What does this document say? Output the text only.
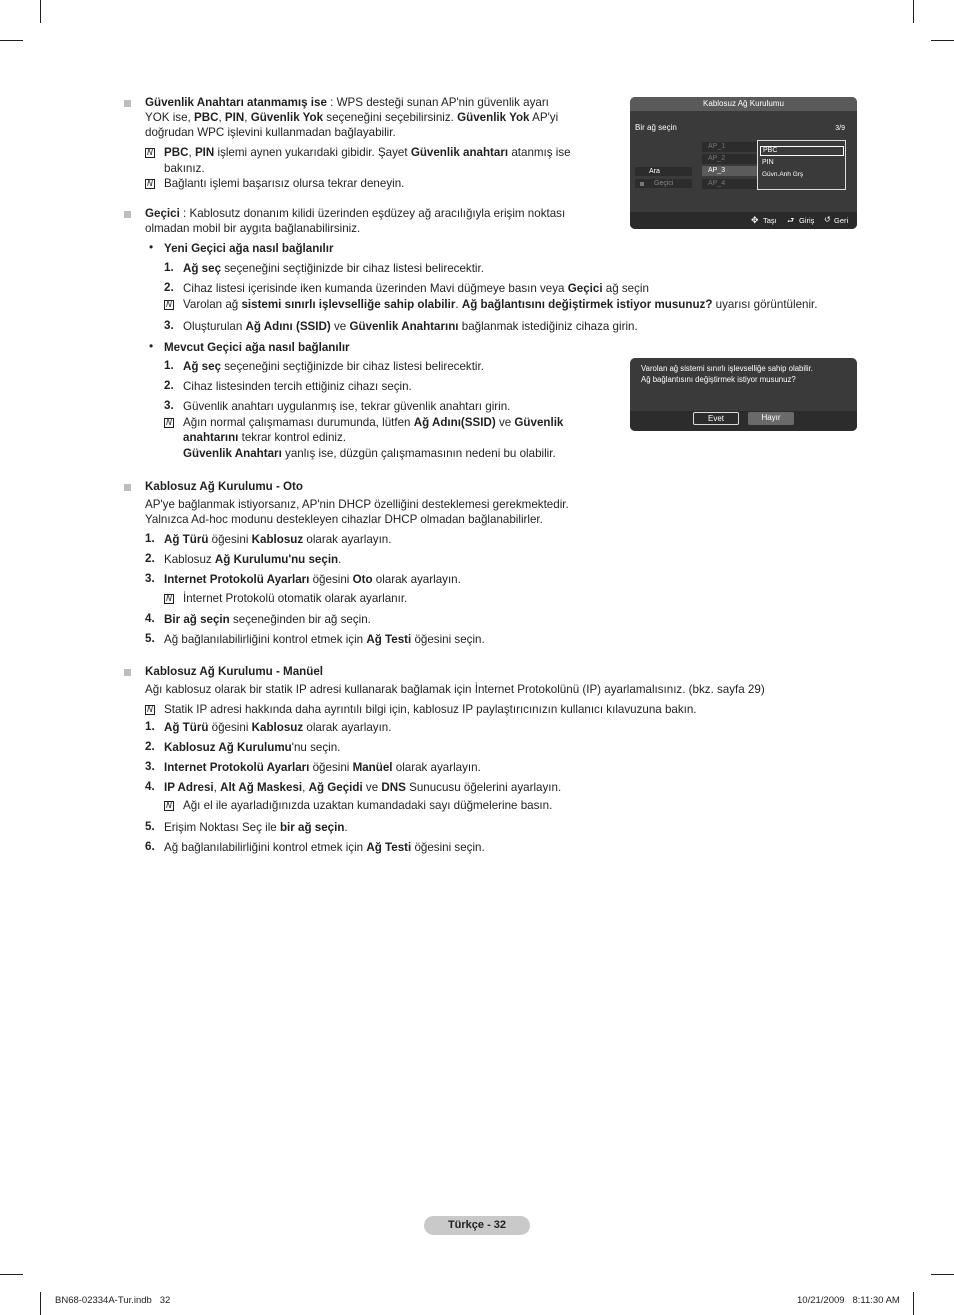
Güvenlik Anahtarı atanmamış ise : WPS desteği sunan AP'nin güvenlik ayarı
YOK ise, PBC, PIN, Güvenlik Yok seçeneğini seçebilirsiniz. Güvenlik Yok AP'yi
doğrudan WPC işlevini kullanmadan bağlayabilir.
N PBC, PIN işlemi aynen yukarıdaki gibidir. Şayet Güvenlik anahtarı atanmış ise
bakınız.
N Bağlantı işlemi başarısız olursa tekrar deneyin.
Geçici : Kablosutz donanım kilidi üzerinden eşdüzey ağ aracılığıyla erişim noktası
olmadan mobil bir aygıta bağlanabilirsiniz.
• Yeni Geçici ağa nasıl bağlanılır
1. Ağ seç seçeneğini seçtiğinizde bir cihaz listesi belirecektir.
2. Cihaz listesi içerisinde iken kumanda üzerinden Mavi düğmeye basın veya Geçici ağ seçin
N Varolan ağ sistemi sınırlı işlevselliğe sahip olabilir. Ağ bağlantısını değiştirmek istiyor musunuz? uyarısı görüntülenir.
3. Oluşturulan Ağ Adını (SSID) ve Güvenlik Anahtarını bağlanmak istediğiniz cihaza girin.
• Mevcut Geçici ağa nasıl bağlanılır
1. Ağ seç seçeneğini seçtiğinizde bir cihaz listesi belirecektir.
2. Cihaz listesinden tercih ettiğiniz cihazı seçin.
3. Güvenlik anahtarı uygulanmış ise, tekrar güvenlik anahtarı girin.
N Ağın normal çalışmaması durumunda, lütfen Ağ Adını(SSID) ve Güvenlik
anahtarını tekrar kontrol ediniz.
Güvenlik Anahtarı yanlış ise, düzgün çalışmamasının nedeni bu olabilir.
Kablosuz Ağ Kurulumu - Oto
AP'ye bağlanmak istiyorsanız, AP'nin DHCP özelliğini desteklemesi gerekmektedir.
Yalnızca Ad-hoc modunu destekleyen cihazlar DHCP olmadan bağlanabilirler.
1. Ağ Türü öğesini Kablosuz olarak ayarlayın.
2. Kablosuz Ağ Kurulumu'nu seçin.
3. Internet Protokolü Ayarları öğesini Oto olarak ayarlayın.
N İnternet Protokolü otomatik olarak ayarlanır.
4. Bir ağ seçin seçeneğinden bir ağ seçin.
5. Ağ bağlanılabilirliğini kontrol etmek için Ağ Testi öğesini seçin.
Kablosuz Ağ Kurulumu - Manüel
Ağı kablosuz olarak bir statik IP adresi kullanarak bağlamak için İnternet Protokolünü (IP) ayarlamalısınız. (bkz. sayfa 29)
N Statik IP adresi hakkında daha ayrıntılı bilgi için, kablosuz IP paylaştırıcınızın kullanıcı kılavuzuna bakın.
1. Ağ Türü öğesini Kablosuz olarak ayarlayın.
2. Kablosuz Ağ Kurulumu'nu seçin.
3. Internet Protokolü Ayarları öğesini Manüel olarak ayarlayın.
4. IP Adresi, Alt Ağ Maskesi, Ağ Geçidi ve DNS Sunucusu öğelerini ayarlayın.
N Ağı el ile ayarladığınızda uzaktan kumandadaki sayı düğmelerine basın.
5. Erişim Noktası Seç ile bir ağ seçin.
6. Ağ bağlanılabilirliğini kontrol etmek için Ağ Testi öğesini seçin.
Kablosuz Ağ Kurulumu
Bir ağ seçin	3/9
Ara
Geçici
AP_1
AP_2
AP_3
AP_4
PBC
PIN
Güvn.Anh Grş
✥ Taşı ⮐ Giriş ↺ Geri
Varolan ağ sistemi sınırlı işlevselliğe sahip olabilir.
Ağ bağlantısını değiştirmek istiyor musunuz?
Evet	Hayır
Türkçe - 32
BN68-02334A-Tur.indb   32	10/21/2009   8:11:30 AM
